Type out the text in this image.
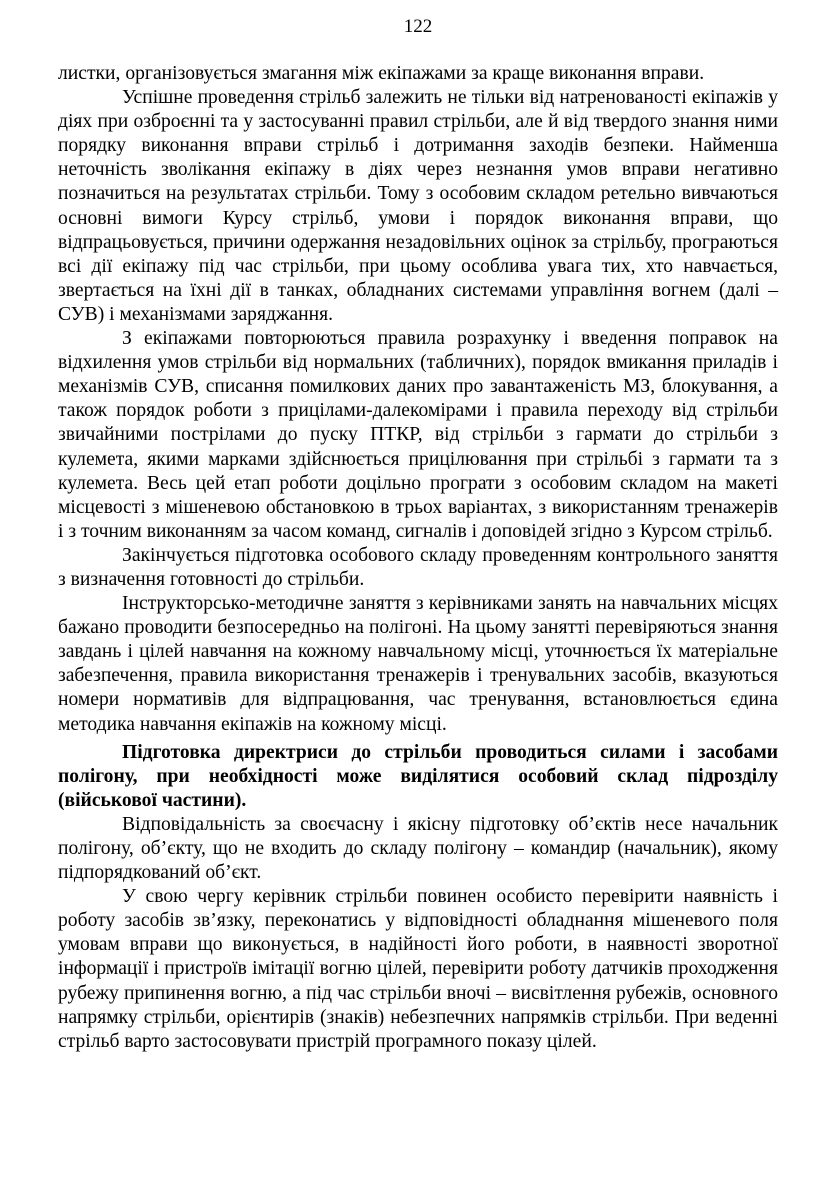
122

листки, організовується змагання між екіпажами за краще виконання вправи.

Успішне проведення стрільб залежить не тільки від натренованості екіпажів у діях при озброєнні та у застосуванні правил стрільби, але й від твердого знання ними порядку виконання вправи стрільб і дотримання заходів безпеки. Найменша неточність зволікання екіпажу в діях через незнання умов вправи негативно позначиться на результатах стрільби. Тому з особовим складом ретельно вивчаються основні вимоги Курсу стрільб, умови і порядок виконання вправи, що відпрацьовується, причини одержання незадовільних оцінок за стрільбу, програються всі дії екіпажу під час стрільби, при цьому особлива увага тих, хто навчається, звертається на їхні дії в танках, обладнаних системами управління вогнем (далі – СУВ) і механізмами заряджання.

З екіпажами повторюються правила розрахунку і введення поправок на відхилення умов стрільби від нормальних (табличних), порядок вмикання приладів і механізмів СУВ, списання помилкових даних про завантаженість МЗ, блокування, а також порядок роботи з прицілами-далекомірами і правила переходу від стрільби звичайними пострілами до пуску ПТКР, від стрільби з гармати до стрільби з кулемета, якими марками здійснюється прицілювання при стрільбі з гармати та з кулемета. Весь цей етап роботи доцільно програти з особовим складом на макеті місцевості з мішеневою обстановкою в трьох варіантах, з використанням тренажерів і з точним виконанням за часом команд, сигналів і доповідей згідно з Курсом стрільб.

Закінчується підготовка особового складу проведенням контрольного заняття з визначення готовності до стрільби.

Інструкторсько-методичне заняття з керівниками занять на навчальних місцях бажано проводити безпосередньо на полігоні. На цьому занятті перевіряються знання завдань і цілей навчання на кожному навчальному місці, уточнюється їх матеріальне забезпечення, правила використання тренажерів і тренувальних засобів, вказуються номери нормативів для відпрацювання, час тренування, встановлюється єдина методика навчання екіпажів на кожному місці.

Підготовка директриси до стрільби проводиться силами і засобами полігону, при необхідності може виділятися особовий склад підрозділу (військової частини).

Відповідальність за своєчасну і якісну підготовку об’єктів несе начальник полігону, об’єкту, що не входить до складу полігону – командир (начальник), якому підпорядкований об’єкт.

У свою чергу керівник стрільби повинен особисто перевірити наявність і роботу засобів зв’язку, переконатись у відповідності обладнання мішеневого поля умовам вправи що виконується, в надійності його роботи, в наявності зворотної інформації і пристроїв імітації вогню цілей, перевірити роботу датчиків проходження рубежу припинення вогню, а під час стрільби вночі – висвітлення рубежів, основного напрямку стрільби, орієнтирів (знаків) небезпечних напрямків стрільби. При веденні стрільб варто застосовувати пристрій програмного показу цілей.
